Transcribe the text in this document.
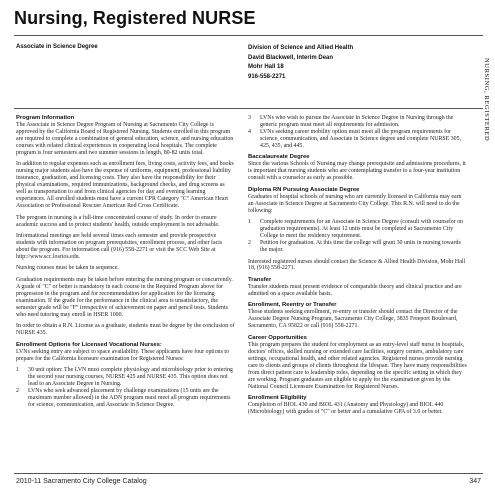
Nursing, Registered NURSE
Associate in Science Degree	Division of Science and Allied Health
David Blackwell, Interim Dean
Mohr Hall 18
916-558-2271	NURSING, REGISTERED
Program Information

The Associate in Science Degree Program of Nursing at Sacramento City College is approved by the California Board of Registered Nursing. Students enrolled in this program are required to complete a combination of general education, science, and nursing education courses with related clinical experiences in cooperating local hospitals. The complete program is four semesters and two summer sessions in length, 80-82 units total.

In addition to regular expenses such as enrollment fees, living costs, activity fees, and books nursing major students also have the expense of uniforms, equipment, professional liability insurance, graduation, and licensing costs. They also have the responsibility for their physical examinations, required immunizations, background checks, and drug screens as well as transportation to and from clinical agencies for day and evening learning experiences. All enrolled students must have a current CPR Category "C" American Heart Association or Professional Rescuer American Red Cross Certificate.

The program in nursing is a full-time concentrated course of study. In order to ensure academic success and to protect students' health, outside employment is not advisable.

Informational meetings are held several times each semester and provide prospective students with information on program prerequisites, enrollment process, and other facts about the program. For information call (916) 558-2271 or visit the SCC Web Site at http://www.scc.losrios.edu.

Nursing courses must be taken in sequence.

Graduation requirements may be taken before entering the nursing program or concurrently. A grade of "C" or better is mandatory in each course in the Required Program above for progression in the program and for recommendation for application for the licensing examination. If the grade for the performance in the clinical area is unsatisfactory, the semester grade will be "F" irrespective of achievement on paper and pencil tests. Students who need tutoring may enroll in HSER 1000.

In order to obtain a R.N. License as a graduate, students must be degree by the conclusion of NURSE 435.

Enrollment Options for Licensed Vocational Nurses:

LVNs seeking entry are subject to space availability. These applicants have four options to prepare for the California licensure examination for Registered Nurses:

1	30 unit option: The LVN must complete physiology and microbiology prior to entering the second year nursing courses, NURSE 425 and NURSE 435. This option does not lead to an Associate Degree in Nursing.
2	LVNs who seek advanced placement by challenge examinations (15 units are the maximum number allowed) in the ADN program must meet all program requirements for science, communication, and Associate in Science Degree.
3	LVNs who wish to pursue the Associate in Science Degree in Nursing through the generic program must meet all requirements for admission.
4	LVNs seeking career mobility option must meet all the program requirements for science, communication, and Associate in Science degree and complete NURSE 305, 425, 435, and 445.
Baccalaureate Degree

Since the various Schools of Nursing may change prerequisite and admissions procedures, it is important that nursing students who are contemplating transfer to a four-year institution consult with a counselor as early as possible.

Diploma RN Pursuing Associate Degree

Graduates of hospital schools of nursing who are currently licensed in California may earn an Associate in Science Degree at Sacramento City College. This R.N. will need to do the following:

1	Complete requirements for an Associate in Science Degree (consult with counselor on graduation requirements). At least 12 units must be completed at Sacramento City College to meet the residency requirement.
2	Petition for graduation. At this time the college will grant 30 units in nursing towards the major.

Interested registered nurses should contact the Science & Allied Health Division, Mohr Hall 18, (916) 558-2271.

Transfer

Transfer students must present evidence of comparable theory and clinical practice and are admitted on a space available basis.

Enrollment, Reentry or Transfer

Those students seeking enrollment, re-entry or transfer should contact the Director of the Associate Degree Nursing Program, Sacramento City College, 3835 Freeport Boulevard, Sacramento, CA 95822 or call (916) 558-2271.

Career Opportunities

This program prepares the student for employment as an entry-level staff nurse in hospitals, doctors' offices, skilled nursing or extended care facilities, surgery centers, ambulatory care settings, occupational health, and other related agencies. Registered nurses provide nursing care to clients and groups of clients throughout the lifespan. They have many responsibilities from direct patient care to leadership roles, depending on the specific setting in which they are working. Program graduates are eligible to apply for the examination given by the National Council Licensure Examination for Registered Nurses.

Enrollment Eligibility

Completion of BIOL 430 and BIOL 431 (Anatomy and Physiology) and BIOL 440 (Microbiology) with grades of "C" or better and a cumulative GPA of 3.0 or better.

2010-11 Sacramento City College Catalog	347
